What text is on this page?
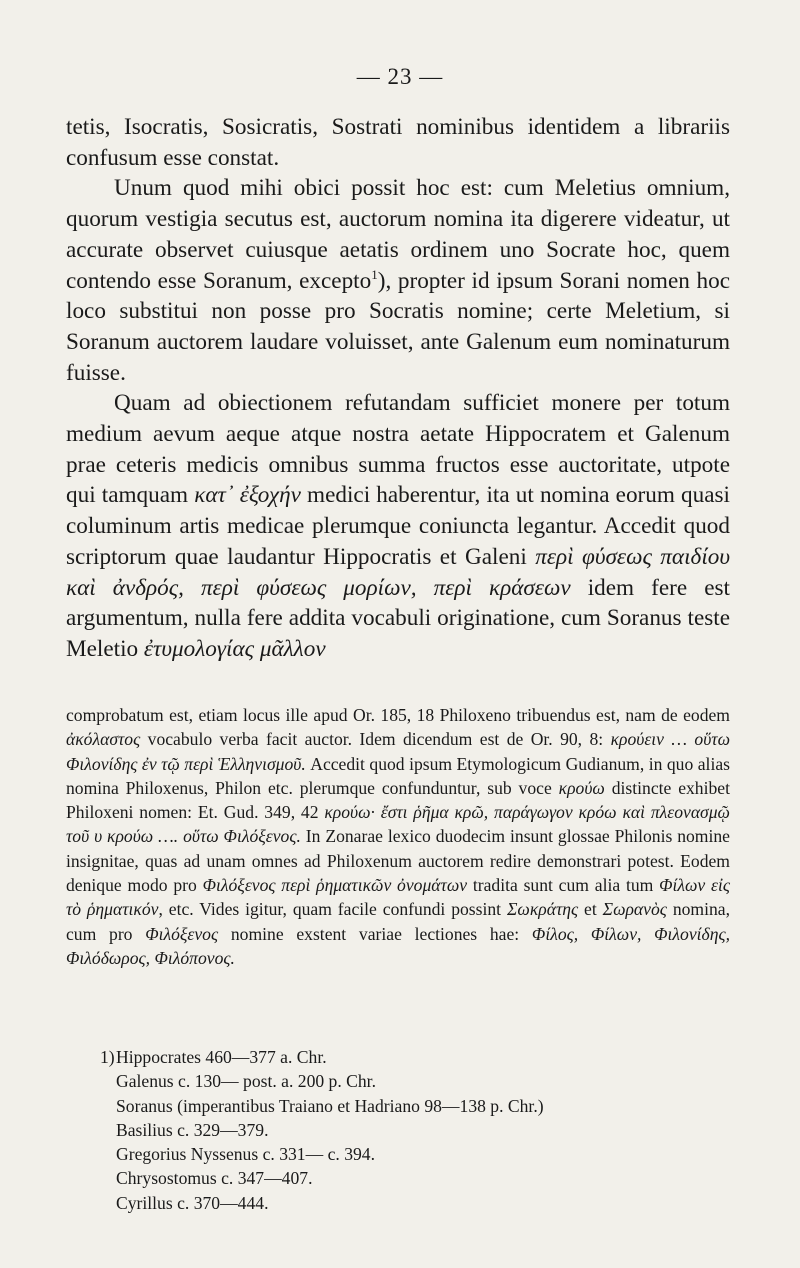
— 23 —

tetis, Isocratis, Sosicratis, Sostrati nominibus identidem a librariis confusum esse constat.

Unum quod mihi obici possit hoc est: cum Meletius omnium, quorum vestigia secutus est, auctorum nomina ita digerere videatur, ut accurate observet cuiusque aetatis ordinem uno Socrate hoc, quem contendo esse Soranum, excepto$^1$), propter id ipsum Sorani nomen hoc loco substitui non posse pro Socratis nomine; certe Meletium, si Soranum auctorem laudare voluisset, ante Galenum eum nominaturum fuisse.

Quam ad obiectionem refutandam sufficiet monere per totum medium aevum aeque atque nostra aetate Hippocratem et Galenum prae ceteris medicis omnibus summa fructos esse auctoritate, utpote qui tamquam κατ᾽ ἐξοχήν medici haberentur, ita ut nomina eorum quasi columinum artis medicae plerumque coniuncta legantur. Accedit quod scriptorum quae laudantur Hippocratis et Galeni περὶ φύσεως παιδίου καὶ ἀνδρός, περὶ φύσεως μορίων, περὶ κράσεων idem fere est argumentum, nulla fere addita vocabuli originatione, cum Soranus teste Meletio ἐτυμολογίας μᾶλλον

comprobatum est, etiam locus ille apud Or. 185, 18 Philoxeno tribuendus est, nam de eodem ἀκόλαστος vocabulo verba facit auctor. Idem dicendum est de Or. 90, 8: κρούειν … οὕτω Φιλονίδης ἐν τῷ περὶ Ἑλληνισμοῦ. Accedit quod ipsum Etymologicum Gudianum, in quo alias nomina Philoxenus, Philon etc. plerumque confunduntur, sub voce κρούω distincte exhibet Philoxeni nomen: Et. Gud. 349, 42 κρούω· ἔστι ῥῆμα κρῶ, παράγωγον κρόω καὶ πλεονασμῷ τοῦ υ κρούω …. οὕτω Φιλόξενος. In Zonarae lexico duodecim insunt glossae Philonis nomine insignitae, quas ad unam omnes ad Philoxenum auctorem redire demonstrari potest. Eodem denique modo pro Φιλόξενος περὶ ῥηματικῶν ὀνομάτων tradita sunt cum alia tum Φίλων εἰς τὸ ῥηματικόν, etc. Vides igitur, quam facile confundi possint Σωκράτης et Σωρανὸς nomina, cum pro Φιλόξενος nomine exstent variae lectiones hae: Φίλος, Φίλων, Φιλονίδης, Φιλόδωρος, Φιλόπονος.

1)Hippocrates 460—377 a. Chr.
Galenus c. 130— post. a. 200 p. Chr.
Soranus (imperantibus Traiano et Hadriano 98—138 p. Chr.)
Basilius c. 329—379.
Gregorius Nyssenus c. 331— c. 394.
Chrysostomus c. 347—407.
Cyrillus c. 370—444.
